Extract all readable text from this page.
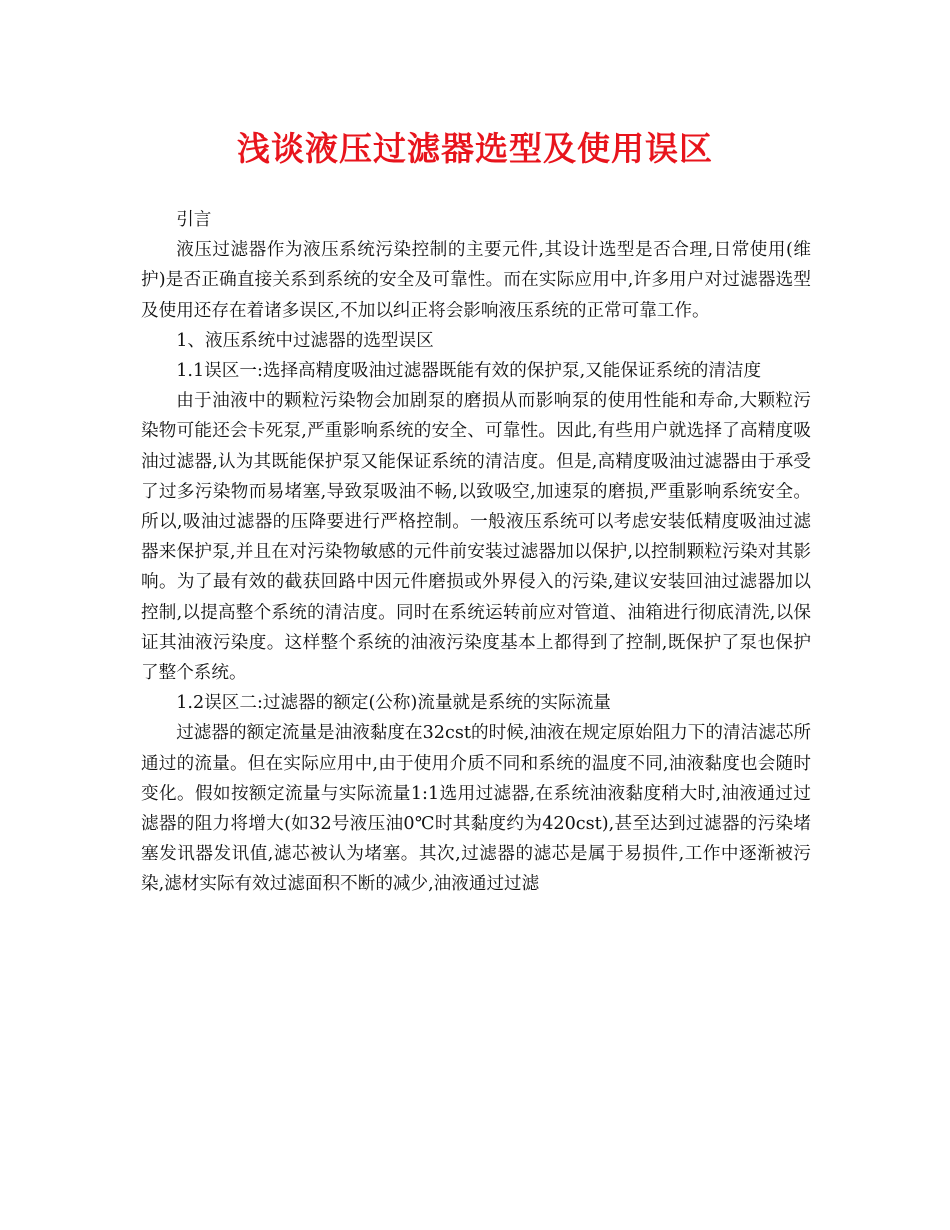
浅谈液压过滤器选型及使用误区

引言

液压过滤器作为液压系统污染控制的主要元件,其设计选型是否合理,日常使用(维护)是否正确直接关系到系统的安全及可靠性。而在实际应用中,许多用户对过滤器选型及使用还存在着诸多误区,不加以纠正将会影响液压系统的正常可靠工作。

1、液压系统中过滤器的选型误区

1.1误区一:选择高精度吸油过滤器既能有效的保护泵,又能保证系统的清洁度

由于油液中的颗粒污染物会加剧泵的磨损从而影响泵的使用性能和寿命,大颗粒污染物可能还会卡死泵,严重影响系统的安全、可靠性。因此,有些用户就选择了高精度吸油过滤器,认为其既能保护泵又能保证系统的清洁度。但是,高精度吸油过滤器由于承受了过多污染物而易堵塞,导致泵吸油不畅,以致吸空,加速泵的磨损,严重影响系统安全。所以,吸油过滤器的压降要进行严格控制。一般液压系统可以考虑安装低精度吸油过滤器来保护泵,并且在对污染物敏感的元件前安装过滤器加以保护,以控制颗粒污染对其影响。为了最有效的截获回路中因元件磨损或外界侵入的污染,建议安装回油过滤器加以控制,以提高整个系统的清洁度。同时在系统运转前应对管道、油箱进行彻底清洗,以保证其油液污染度。这样整个系统的油液污染度基本上都得到了控制,既保护了泵也保护了整个系统。

1.2误区二:过滤器的额定(公称)流量就是系统的实际流量

过滤器的额定流量是油液黏度在32cst的时候,油液在规定原始阻力下的清洁滤芯所通过的流量。但在实际应用中,由于使用介质不同和系统的温度不同,油液黏度也会随时变化。假如按额定流量与实际流量1:1选用过滤器,在系统油液黏度稍大时,油液通过过滤器的阻力将增大(如32号液压油0℃时其黏度约为420cst),甚至达到过滤器的污染堵塞发讯器发讯值,滤芯被认为堵塞。其次,过滤器的滤芯是属于易损件,工作中逐渐被污染,滤材实际有效过滤面积不断的减少,油液通过过滤
